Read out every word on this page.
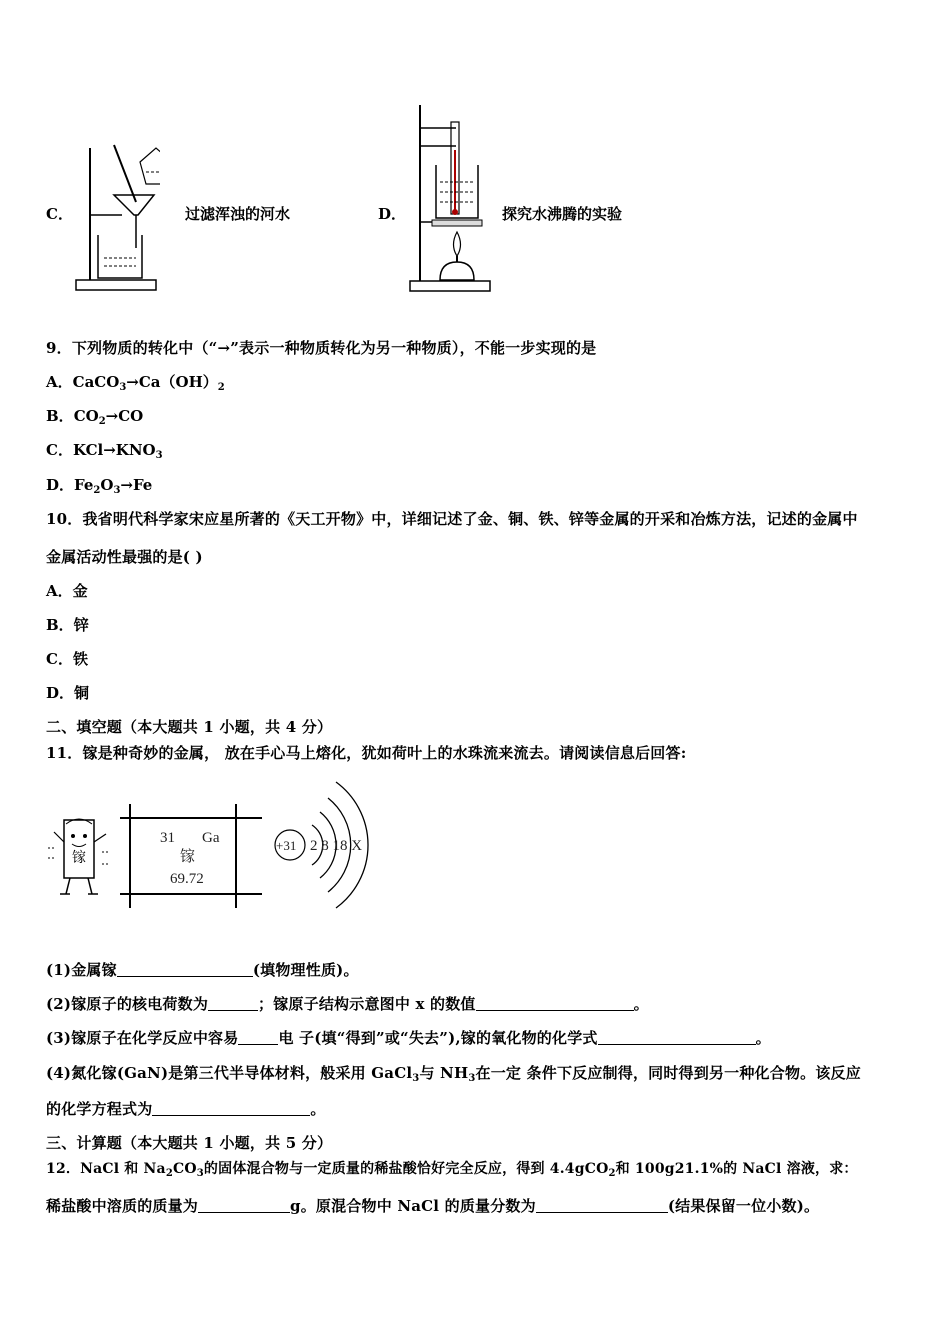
C．	过滤浑浊的河水	D．	探究水沸腾的实验
9．下列物质的转化中（“→”表示一种物质转化为另一种物质），不能一步实现的是
A．$CaCO_3\to Ca(OH)_2$
B．$CO_2\to CO$
C．$KCl\to KNO_3$
D．$Fe_2O_3\to Fe$
10．我省明代科学家宋应星所著的《天工开物》中，详细记述了金、铜、铁、锌等金属的开采和冶炼方法，记述的金属中
金属活动性最强的是( )
A．金
B．锌
C．铁
D．铜
二、填空题（本大题共 1 小题，共 4 分）
11．镓是种奇妙的金属， 放在手心马上熔化，犹如荷叶上的水珠流来流去。请阅读信息后回答:
镓
31 Ga
镓
69.72
+31 2 8 18 X
(1)金属镓	(填物理性质)。
(2)镓原子的核电荷数为	；镓原子结构示意图中 x 的数值	。
(3)镓原子在化学反应中容易	电 子(填“得到”或“失去”),镓的氧化物的化学式	。
(4)氮化镓(GaN)是第三代半导体材料，般采用 GaCl$_3$与 $NH_3$在一定 条件下反应制得，同时得到另一种化合物。该反应
的化学方程式为	。
三、计算题（本大题共 1 小题，共 5 分）
12．NaCl 和 $Na_2CO_3$的固体混合物与一定质量的稀盐酸恰好完全反应，得到 4.4gCO$_2$和 100g21.1%的 NaCl 溶液，求：
稀盐酸中溶质的质量为	g。原混合物中 NaCl 的质量分数为	(结果保留一位小数)。
